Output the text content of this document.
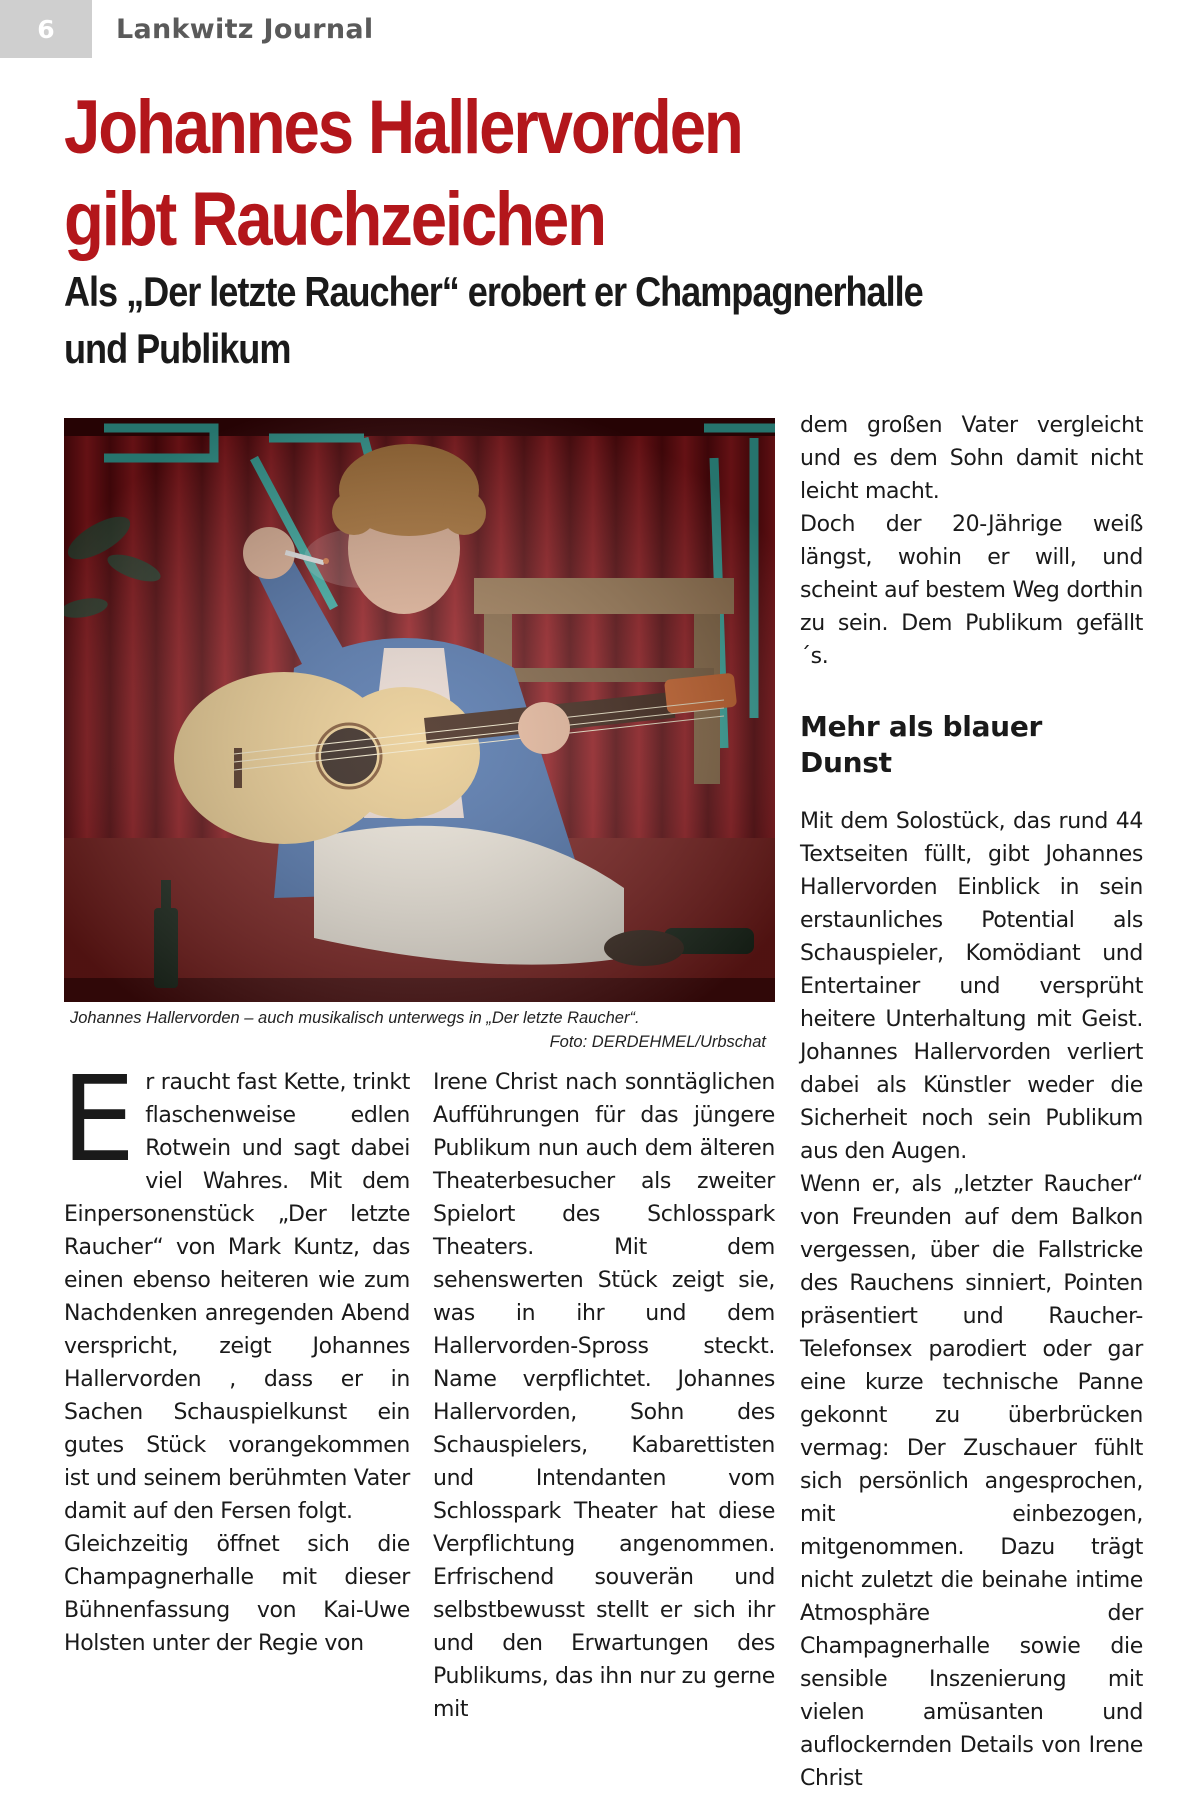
6	Lankwitz Journal
Johannes Hallervorden
gibt Rauchzeichen
Als „Der letzte Raucher“ erobert er Champagnerhalle
und Publikum
Johannes Hallervorden – auch musikalisch unterwegs in „Der letzte Raucher“.
Foto: DERDEHMEL/Urbschat

Er raucht fast Kette, trinkt flaschenweise edlen Rotwein und sagt dabei viel Wahres. Mit dem Einpersonenstück „Der letzte Raucher“ von Mark Kuntz, das einen ebenso heiteren wie zum Nachdenken anregenden Abend verspricht, zeigt Johannes Hallervorden , dass er in Sachen Schauspielkunst ein gutes Stück vorangekommen ist und seinem berühmten Vater damit auf den Fersen folgt.

Gleichzeitig öffnet sich die Champagnerhalle mit dieser Bühnenfassung von Kai-Uwe Holsten unter der Regie von

Irene Christ nach sonntäglichen Aufführungen für das jüngere Publikum nun auch dem älteren Theaterbesucher als zweiter Spielort des Schlosspark Theaters. Mit dem sehenswerten Stück zeigt sie, was in ihr und dem Hallervorden-Spross steckt. Name verpflichtet. Johannes Hallervorden, Sohn des Schauspielers, Kabarettisten und Intendanten vom Schlosspark Theater hat diese Verpflichtung angenommen. Erfrischend souverän und selbstbewusst stellt er sich ihr und den Erwartungen des Publikums, das ihn nur zu gerne mit

dem großen Vater vergleicht und es dem Sohn damit nicht leicht macht.

Doch der 20-Jährige weiß längst, wohin er will, und scheint auf bestem Weg dorthin zu sein. Dem Publikum gefällt´s.

Mehr als blauer Dunst

Mit dem Solostück, das rund 44 Textseiten füllt, gibt Johannes Hallervorden Einblick in sein erstaunliches Potential als Schauspieler, Komödiant und Entertainer und versprüht heitere Unterhaltung mit Geist. Johannes Hallervorden verliert dabei als Künstler weder die Sicherheit noch sein Publikum aus den Augen.

Wenn er, als „letzter Raucher“ von Freunden auf dem Balkon vergessen, über die Fallstricke des Rauchens sinniert, Pointen präsentiert und Raucher-Telefonsex parodiert oder gar eine kurze technische Panne gekonnt zu überbrücken vermag: Der Zuschauer fühlt sich persönlich angesprochen, mit einbezogen, mitgenommen. Dazu trägt nicht zuletzt die beinahe intime Atmosphäre der Champagnerhalle sowie die sensible Inszenierung mit vielen amüsanten und auflockernden Details von Irene Christ
